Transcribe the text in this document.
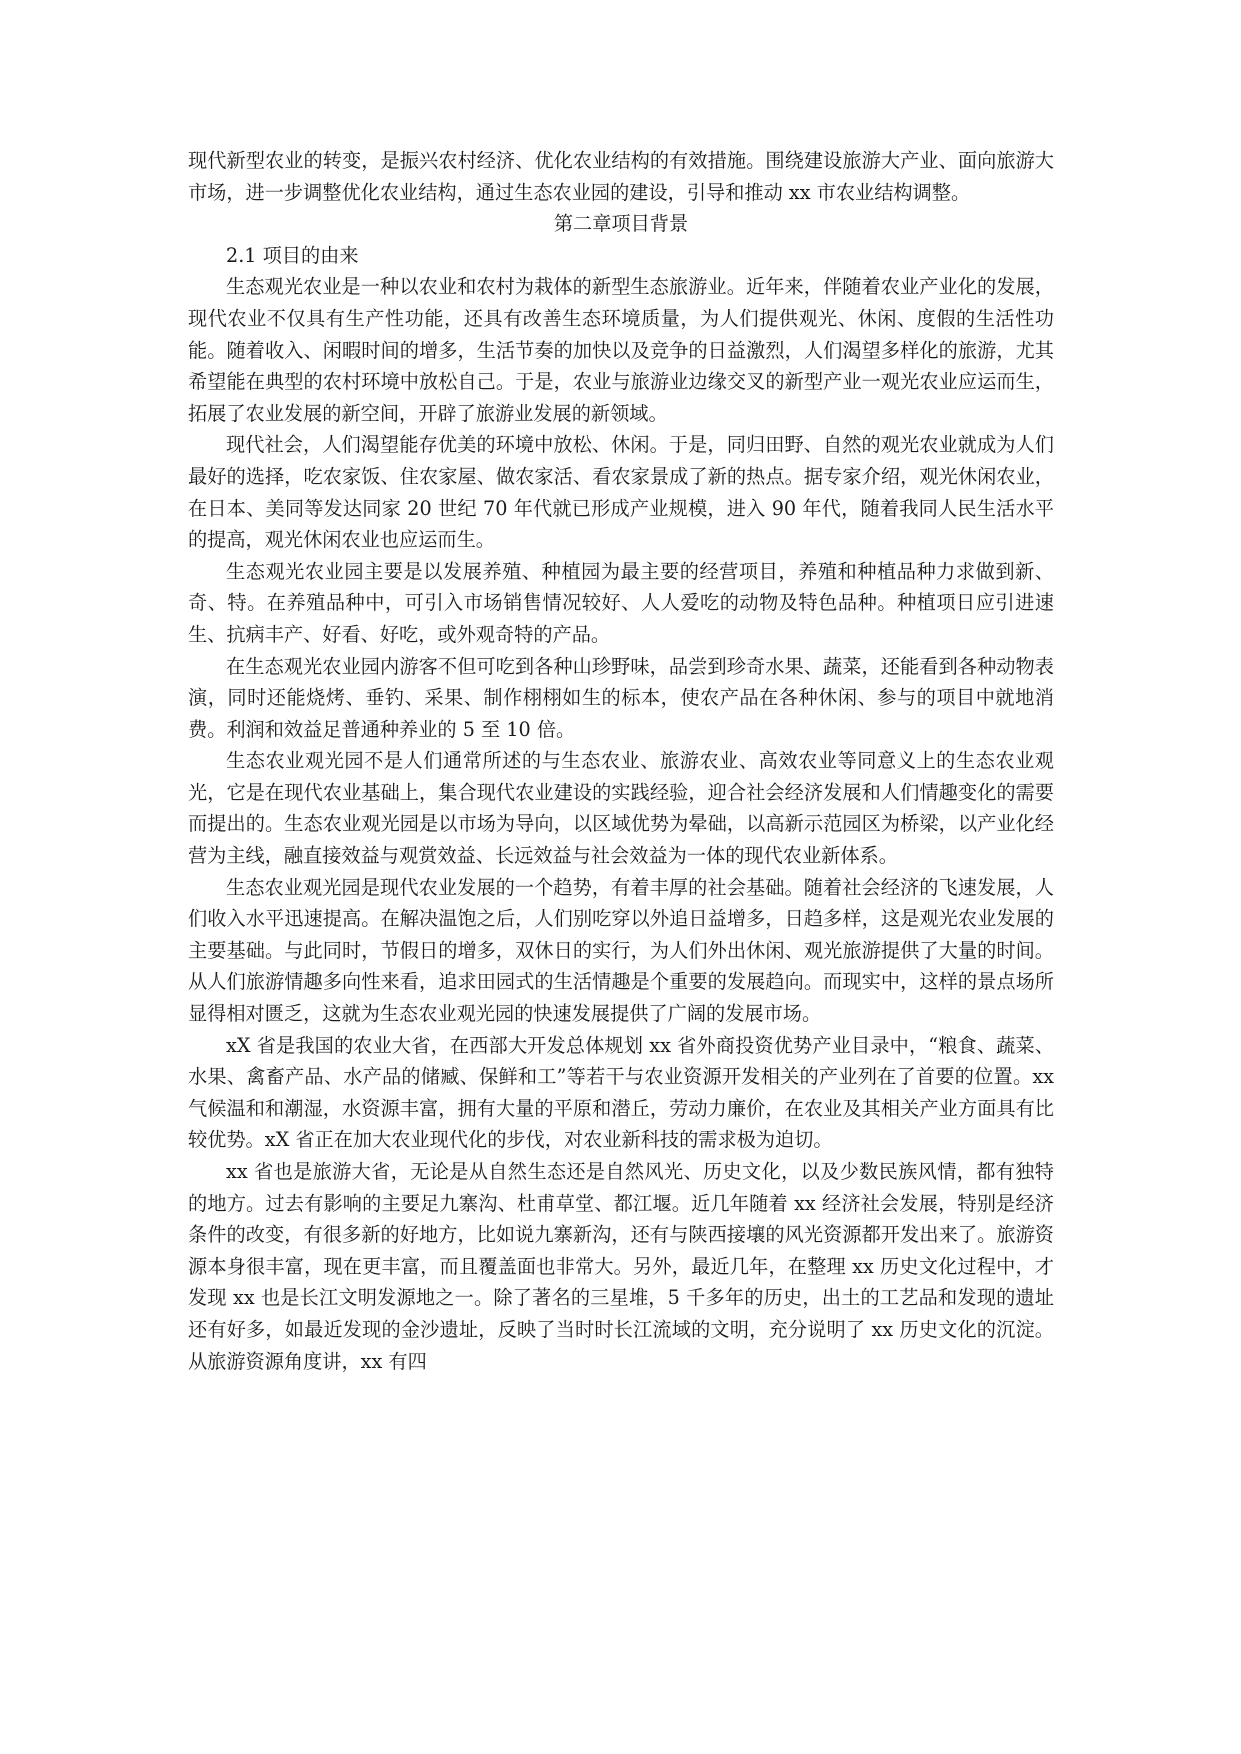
现代新型农业的转变，是振兴农村经济、优化农业结构的有效措施。围绕建设旅游大产业、面向旅游大市场，进一步调整优化农业结构，通过生态农业园的建设，引导和推动 xx 市农业结构调整。

第二章项目背景

2.1 项目的由来

生态观光农业是一种以农业和农村为栽体的新型生态旅游业。近年来，伴随着农业产业化的发展，现代农业不仅具有生产性功能，还具有改善生态环境质量，为人们提供观光、休闲、度假的生活性功能。随着收入、闲暇时间的增多，生活节奏的加快以及竞争的日益激烈，人们渴望多样化的旅游，尤其希望能在典型的农村环境中放松自己。于是，农业与旅游业边缘交叉的新型产业一观光农业应运而生，拓展了农业发展的新空间，开辟了旅游业发展的新领域。

现代社会，人们渴望能存优美的环境中放松、休闲。于是，同归田野、自然的观光农业就成为人们最好的选择，吃农家饭、住农家屋、做农家活、看农家景成了新的热点。据专家介绍，观光休闲农业，在日本、美同等发达同家 20 世纪 70 年代就已形成产业规模，进入 90 年代，随着我同人民生活水平的提高，观光休闲农业也应运而生。

生态观光农业园主要是以发展养殖、种植园为最主要的经营项目，养殖和种植品种力求做到新、奇、特。在养殖品种中，可引入市场销售情况较好、人人爱吃的动物及特色品种。种植项日应引进速生、抗病丰产、好看、好吃，或外观奇特的产品。

在生态观光农业园内游客不但可吃到各种山珍野味，品尝到珍奇水果、蔬菜，还能看到各种动物表演，同时还能烧烤、垂钓、采果、制作栩栩如生的标本，使农产品在各种休闲、参与的项目中就地消费。利润和效益足普通种养业的 5 至 10 倍。

生态农业观光园不是人们通常所述的与生态农业、旅游农业、高效农业等同意义上的生态农业观光，它是在现代农业基础上，集合现代农业建设的实践经验，迎合社会经济发展和人们情趣变化的需要而提出的。生态农业观光园是以市场为导向，以区域优势为晕础，以高新示范园区为桥梁，以产业化经营为主线，融直接效益与观赏效益、长远效益与社会效益为一体的现代农业新体系。

生态农业观光园是现代农业发展的一个趋势，有着丰厚的社会基础。随着社会经济的飞速发展，人们收入水平迅速提高。在解决温饱之后，人们别吃穿以外追日益增多，日趋多样，这是观光农业发展的主要基础。与此同时，节假日的增多，双休日的实行，为人们外出休闲、观光旅游提供了大量的时间。从人们旅游情趣多向性来看，追求田园式的生活情趣是个重要的发展趋向。而现实中，这样的景点场所显得相对匮乏，这就为生态农业观光园的快速发展提供了广阔的发展市场。

xX 省是我国的农业大省，在西部大开发总体规划 xx 省外商投资优势产业目录中，“粮食、蔬菜、水果、禽畜产品、水产品的储臧、保鲜和工”等若干与农业资源开发相关的产业列在了首要的位置。xx 气候温和和潮湿，水资源丰富，拥有大量的平原和潜丘，劳动力廉价，在农业及其相关产业方面具有比较优势。xX 省正在加大农业现代化的步伐，对农业新科技的需求极为迫切。

xx 省也是旅游大省，无论是从自然生态还是自然风光、历史文化，以及少数民族风情，都有独特的地方。过去有影响的主要足九寨沟、杜甫草堂、都江堰。近几年随着 xx 经济社会发展，特别是经济条件的改变，有很多新的好地方，比如说九寨新沟，还有与陕西接壤的风光资源都开发出来了。旅游资源本身很丰富，现在更丰富，而且覆盖面也非常大。另外，最近几年，在整理 xx 历史文化过程中，才发现 xx 也是长江文明发源地之一。除了著名的三星堆，5 千多年的历史，出土的工艺品和发现的遗址还有好多，如最近发现的金沙遗址，反映了当时时长江流域的文明，充分说明了 xx 历史文化的沉淀。从旅游资源角度讲，xx 有四
